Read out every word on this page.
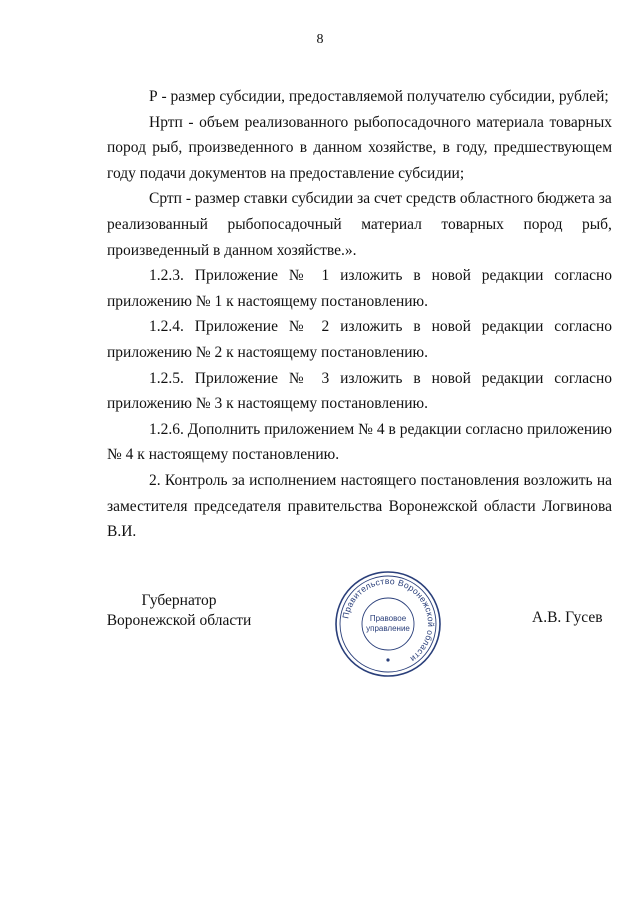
8

Р - размер субсидии, предоставляемой получателю субсидии, рублей;

Нртп - объем реализованного рыбопосадочного материала товарных пород рыб, произведенного в данном хозяйстве, в году, предшествующем году подачи документов на предоставление субсидии;

Сртп - размер ставки субсидии за счет средств областного бюджета за

реализованный рыбопосадочный материал товарных пород рыб,

произведенный в данном хозяйстве.».

1.2.3. Приложение № 1 изложить в новой редакции согласно приложению № 1 к настоящему постановлению.

1.2.4. Приложение № 2 изложить в новой редакции согласно приложению № 2 к настоящему постановлению.

1.2.5. Приложение № 3 изложить в новой редакции согласно приложению № 3 к настоящему постановлению.

1.2.6. Дополнить приложением № 4 в редакции согласно приложению № 4 к настоящему постановлению.

2. Контроль за исполнением настоящего постановления возложить на заместителя председателя правительства Воронежской области Логвинова В.И.

Губернатор
Воронежской области	Правительство Воронежской области
Правовое
управление
А.В. Гусев
